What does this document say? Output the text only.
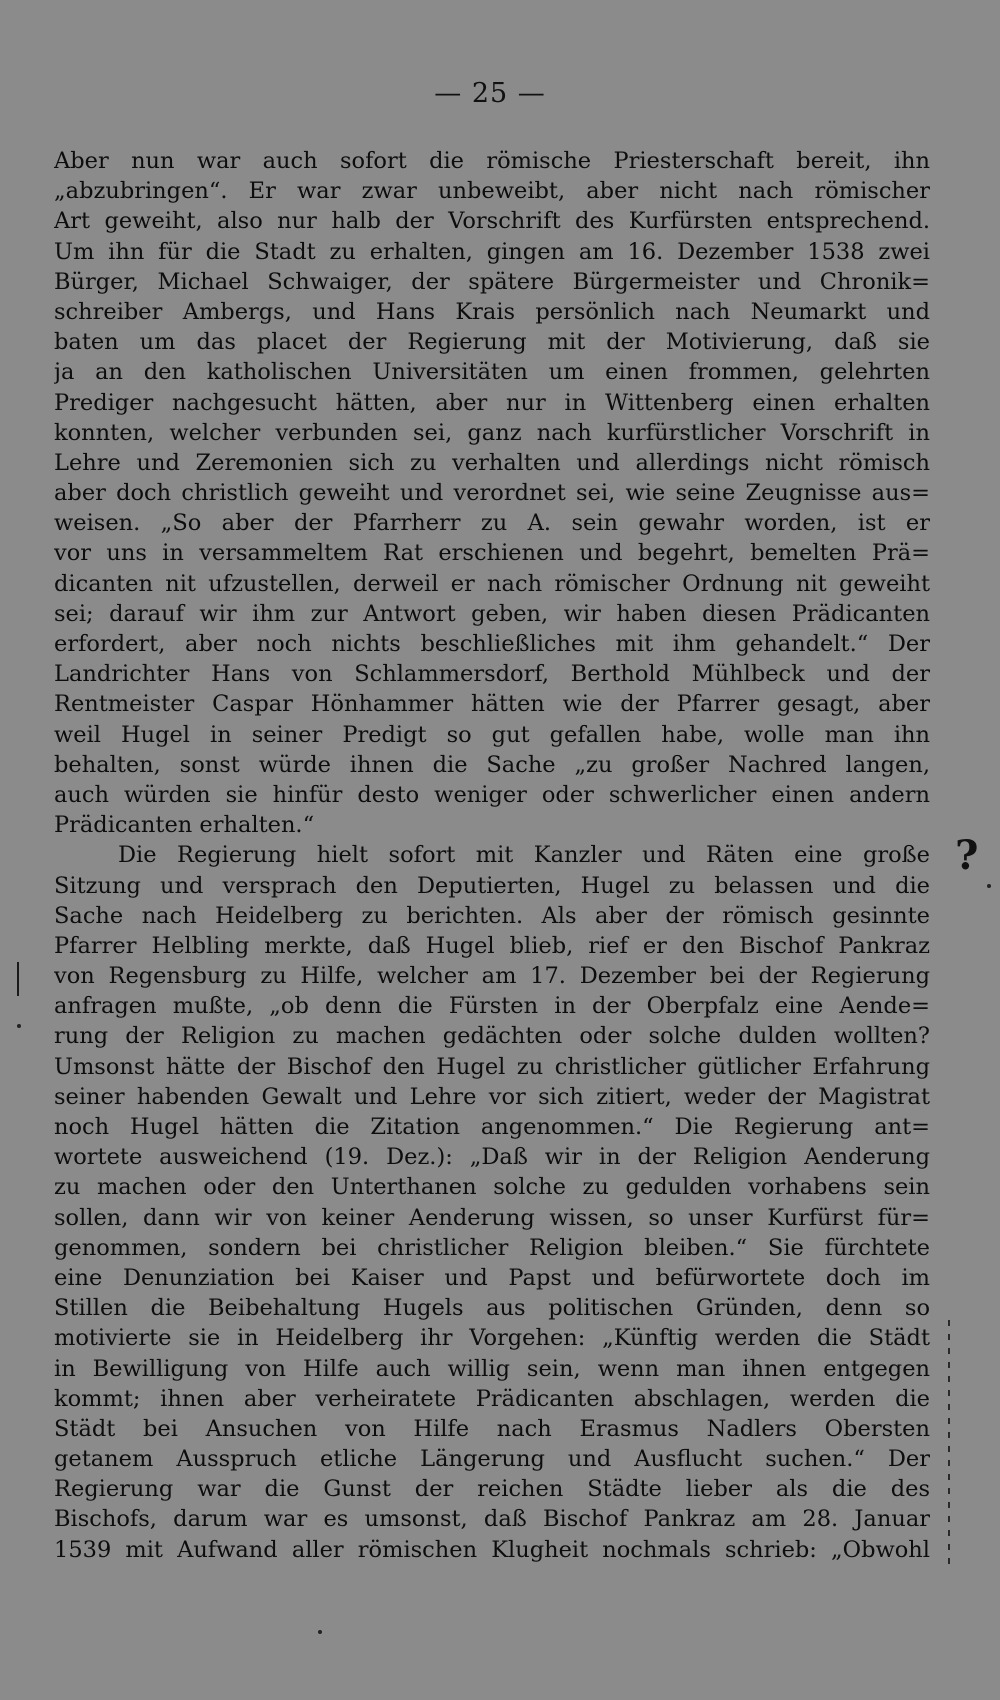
— 25 —
Aber nun war auch sofort die römische Priesterschaft bereit, ihn
„abzubringen“. Er war zwar unbeweibt, aber nicht nach römischer
Art geweiht, also nur halb der Vorschrift des Kurfürsten entsprechend.
Um ihn für die Stadt zu erhalten, gingen am 16. Dezember 1538 zwei
Bürger, Michael Schwaiger, der spätere Bürgermeister und Chronik=
schreiber Ambergs, und Hans Krais persönlich nach Neumarkt und
baten um das placet der Regierung mit der Motivierung, daß sie
ja an den katholischen Universitäten um einen frommen, gelehrten
Prediger nachgesucht hätten, aber nur in Wittenberg einen erhalten
konnten, welcher verbunden sei, ganz nach kurfürstlicher Vorschrift in
Lehre und Zeremonien sich zu verhalten und allerdings nicht römisch
aber doch christlich geweiht und verordnet sei, wie seine Zeugnisse aus=
weisen. „So aber der Pfarrherr zu A. sein gewahr worden, ist er
vor uns in versammeltem Rat erschienen und begehrt, bemelten Prä=
dicanten nit ufzustellen, derweil er nach römischer Ordnung nit geweiht
sei; darauf wir ihm zur Antwort geben, wir haben diesen Prädicanten
erfordert, aber noch nichts beschließliches mit ihm gehandelt.“ Der
Landrichter Hans von Schlammersdorf, Berthold Mühlbeck und der
Rentmeister Caspar Hönhammer hätten wie der Pfarrer gesagt, aber
weil Hugel in seiner Predigt so gut gefallen habe, wolle man ihn
behalten, sonst würde ihnen die Sache „zu großer Nachred langen,
auch würden sie hinfür desto weniger oder schwerlicher einen andern
Prädicanten erhalten.“
Die Regierung hielt sofort mit Kanzler und Räten eine große
Sitzung und versprach den Deputierten, Hugel zu belassen und die
Sache nach Heidelberg zu berichten. Als aber der römisch gesinnte
Pfarrer Helbling merkte, daß Hugel blieb, rief er den Bischof Pankraz
von Regensburg zu Hilfe, welcher am 17. Dezember bei der Regierung
anfragen mußte, „ob denn die Fürsten in der Oberpfalz eine Aende=
rung der Religion zu machen gedächten oder solche dulden wollten?
Umsonst hätte der Bischof den Hugel zu christlicher gütlicher Erfahrung
seiner habenden Gewalt und Lehre vor sich zitiert, weder der Magistrat
noch Hugel hätten die Zitation angenommen.“ Die Regierung ant=
wortete ausweichend (19. Dez.): „Daß wir in der Religion Aenderung
zu machen oder den Unterthanen solche zu gedulden vorhabens sein
sollen, dann wir von keiner Aenderung wissen, so unser Kurfürst für=
genommen, sondern bei christlicher Religion bleiben.“ Sie fürchtete
eine Denunziation bei Kaiser und Papst und befürwortete doch im
Stillen die Beibehaltung Hugels aus politischen Gründen, denn so
motivierte sie in Heidelberg ihr Vorgehen: „Künftig werden die Städt
in Bewilligung von Hilfe auch willig sein, wenn man ihnen entgegen
kommt; ihnen aber verheiratete Prädicanten abschlagen, werden die
Städt bei Ansuchen von Hilfe nach Erasmus Nadlers Obersten
getanem Ausspruch etliche Längerung und Ausflucht suchen.“ Der
Regierung war die Gunst der reichen Städte lieber als die des
Bischofs, darum war es umsonst, daß Bischof Pankraz am 28. Januar
1539 mit Aufwand aller römischen Klugheit nochmals schrieb: „Obwohl
?
